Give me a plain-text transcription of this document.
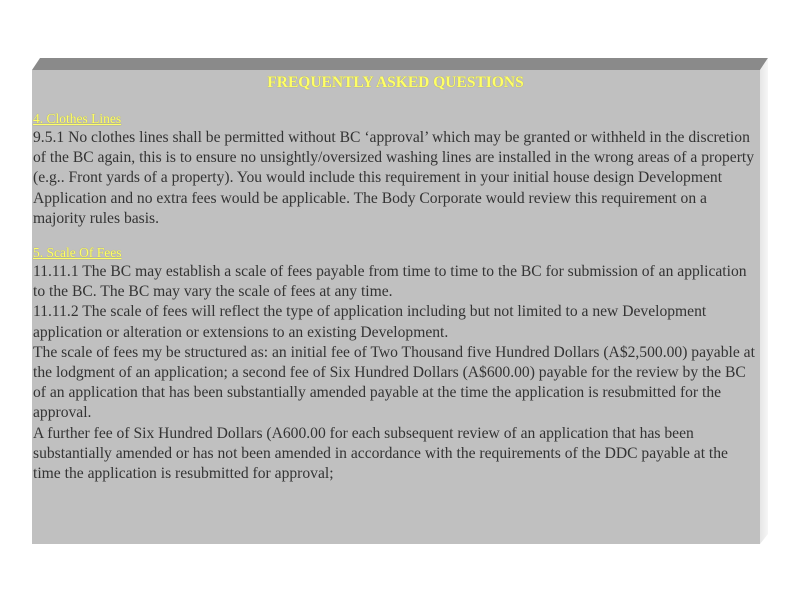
FREQUENTLY ASKED QUESTIONS
4. Clothes Lines

9.5.1 No clothes lines shall be permitted without BC ‘approval’ which may be granted or withheld in the discretion of the BC again, this is to ensure no unsightly/oversized washing lines are installed in the wrong areas of a property (e.g.. Front yards of a property). You would include this requirement in your initial house design Development Application and no extra fees would be applicable. The Body Corporate would review this requirement on a majority rules basis.

5. Scale Of Fees

11.11.1 The BC may establish a scale of fees payable from time to time to the BC for submission of an application to the BC. The BC may vary the scale of fees at any time.

11.11.2 The scale of fees will reflect the type of application including but not limited to a new Development application or alteration or extensions to an existing Development.

The scale of fees my be structured as: an initial fee of Two Thousand five Hundred Dollars (A$2,500.00) payable at the lodgment of an application; a second fee of Six Hundred Dollars (A$600.00) payable for the review by the BC of an application that has been substantially amended payable at the time the application is resubmitted for the approval.

A further fee of Six Hundred Dollars (A600.00 for each subsequent review of an application that has been substantially amended or has not been amended in accordance with the requirements of the DDC payable at the time the application is resubmitted for approval;
